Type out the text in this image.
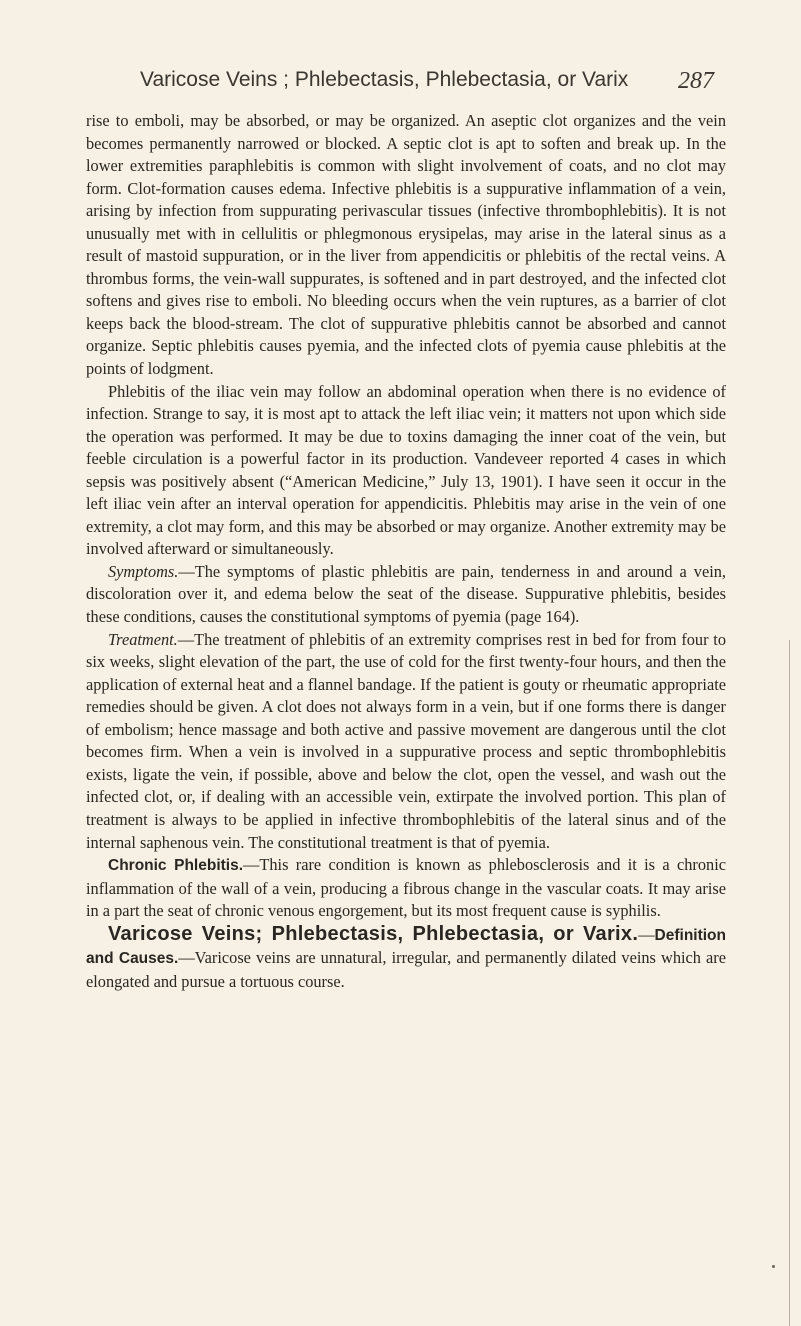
Varicose Veins ; Phlebectasis, Phlebectasia, or Varix 287

rise to emboli, may be absorbed, or may be organized. An aseptic clot organizes and the vein becomes permanently narrowed or blocked. A septic clot is apt to soften and break up. In the lower extremities paraphlebitis is common with slight involvement of coats, and no clot may form. Clot-formation causes edema. Infective phlebitis is a suppurative inflammation of a vein, arising by infection from suppurating perivascular tissues (infective thrombophlebitis). It is not unusually met with in cellulitis or phlegmonous erysipelas, may arise in the lateral sinus as a result of mastoid suppuration, or in the liver from appendicitis or phlebitis of the rectal veins. A thrombus forms, the vein-wall suppurates, is softened and in part destroyed, and the infected clot softens and gives rise to emboli. No bleeding occurs when the vein ruptures, as a barrier of clot keeps back the blood-stream. The clot of suppurative phlebitis cannot be absorbed and cannot organize. Septic phlebitis causes pyemia, and the infected clots of pyemia cause phlebitis at the points of lodgment.

Phlebitis of the iliac vein may follow an abdominal operation when there is no evidence of infection. Strange to say, it is most apt to attack the left iliac vein; it matters not upon which side the operation was performed. It may be due to toxins damaging the inner coat of the vein, but feeble circulation is a powerful factor in its production. Vandeveer reported 4 cases in which sepsis was positively absent (“American Medicine,” July 13, 1901). I have seen it occur in the left iliac vein after an interval operation for appendicitis. Phlebitis may arise in the vein of one extremity, a clot may form, and this may be absorbed or may organize. Another extremity may be involved afterward or simultaneously.

Symptoms.—The symptoms of plastic phlebitis are pain, tenderness in and around a vein, discoloration over it, and edema below the seat of the disease. Suppurative phlebitis, besides these conditions, causes the constitutional symptoms of pyemia (page 164).

Treatment.—The treatment of phlebitis of an extremity comprises rest in bed for from four to six weeks, slight elevation of the part, the use of cold for the first twenty-four hours, and then the application of external heat and a flannel bandage. If the patient is gouty or rheumatic appropriate remedies should be given. A clot does not always form in a vein, but if one forms there is danger of embolism; hence massage and both active and passive movement are dangerous until the clot becomes firm. When a vein is involved in a suppurative process and septic thrombophlebitis exists, ligate the vein, if possible, above and below the clot, open the vessel, and wash out the infected clot, or, if dealing with an accessible vein, extirpate the involved portion. This plan of treatment is always to be applied in infective thrombophlebitis of the lateral sinus and of the internal saphenous vein. The constitutional treatment is that of pyemia.

Chronic Phlebitis.—This rare condition is known as phlebosclerosis and it is a chronic inflammation of the wall of a vein, producing a fibrous change in the vascular coats. It may arise in a part the seat of chronic venous engorgement, but its most frequent cause is syphilis.

Varicose Veins; Phlebectasis, Phlebectasia, or Varix.—Definition and Causes.—Varicose veins are unnatural, irregular, and permanently dilated veins which are elongated and pursue a tortuous course.
